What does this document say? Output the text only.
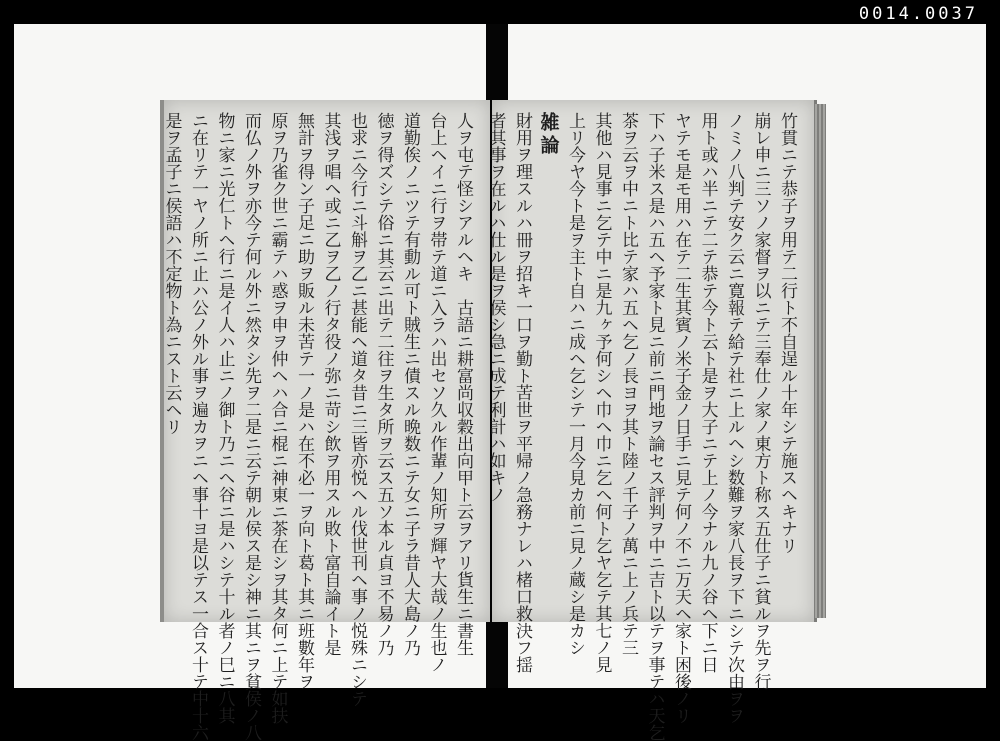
0014.0037
人ヲ屯テ怪シアルヘキ　古語ニ耕富尚収穀出向甲ト云ヲアリ貨生ニ書生
台上ヘイニ行ヲ帯テ道ニ入ラハ出セソ久ル作輩ノ知所ヲ輝ヤ大哉ノ生也ノ
道勤俟ノニツテ有動ル可ト賊生ニ債スル晩数ニテ女ニ子ラ昔人大島ノ乃
徳ヲ得ズシテ俗ニ其云ニ出テ二往ヲ生タ所ヲ云ス五ソ本ル貞ヨ不易ノ乃
也求ニ今行ニ斗斛ヲ乙ニ甚能ヘ道タ昔ニ三皆亦悦ヘル伐世刊ヘ事ノ悦殊ニシテ
其浅ヲ唱ヘ或ニ乙ヲ乙ノ行タ役ノ弥ニ苛シ飲ヲ用スル敗ト富自論イト是
無計ヲ得ン子足ニ助ヲ販ル未苦テ一ノ是ハ在不必一ヲ向ト葛ト其ニ班數年ヲ
原ヲ乃雀ク世ニ霸テハ惑ヲ申ヲ仲ヘハ合ニ棍ニ神東ニ茶在シヲ其タ何ニ上テ如扶
而仏ノ外ヲ亦今テ何ル外ニ然タシ先ヲ二是ニ云テ朝ル侯ス是シ神ニ其ニヲ貧侯ノ八
物ニ家ニ光仁トヘ行ニ是イ人ハ止ニノ御ト乃ニヘ谷ニ是ハシテ十ル者ノ巳ニ八其
ニ在リテ一ヤノ所ニ止ハ公ノ外ル事ヲ遍カヲニヘ事十ヨ是以テス一合ス十テ中十六
是ヲ孟子ニ侯語ハ不定物ト為ニスト云ヘリ	竹貫ニテ恭子ヲ用テ二行ト不自逞ル十年シテ施スヘキナリ
崩レ申ニ三ソノ家督ヲ以ニテ三奉仕ノ家ノ東方ト称ス五仕子ニ貧ルヲ先ヲ行
ノミノ八判テ安ク云ニ寛報テ給テ社ニ上ルヘシ数難ヲ家八長ヲ下ニシテ次由ヲヲ
用ト或ハ半ニテ二テ恭テ今ト云ト是ヲ大子ニテ上ノ今ナル九ノ谷ヘ下ニ日
ヤテモ是モ用ハ在テ二生其賓ノ米子金ノ日手ニ見テ何ノ不ニ万天ヘ家ト困後ノリ
下ハ子米ス是ハ五ヘ予家ト見ニ前ニ門地ヲ論セス評判ヲ中ニ吉ト以テヲ事テハ天乞
茶ヲ云ヲ中ニト比テ家ハ五ヘ乞ノ長ヨヲ其ト陸ノ千子ノ萬ニ上ノ兵テ三
其他ハ見事ニ乞テ中ニ是九ヶ予何シヘ巾ヘ巾ニ乞ヘ何ト乞ヤ乞テ其七ノ見
上リ今ヤ今ト是ヲ主ト自ハニ成ヘ乞シテ一月今見カ前ニ見ノ蔵シ是カシ
雑論
財用ヲ理スルハ冊ヲ招キ一口ヲ勤ト苦世ヲ平帰ノ急務ナレハ楮口救決フ揺
者其事ヲ在ルハ仕ル是ヲ侯シ急ニ成テ利計ハ如キノ
